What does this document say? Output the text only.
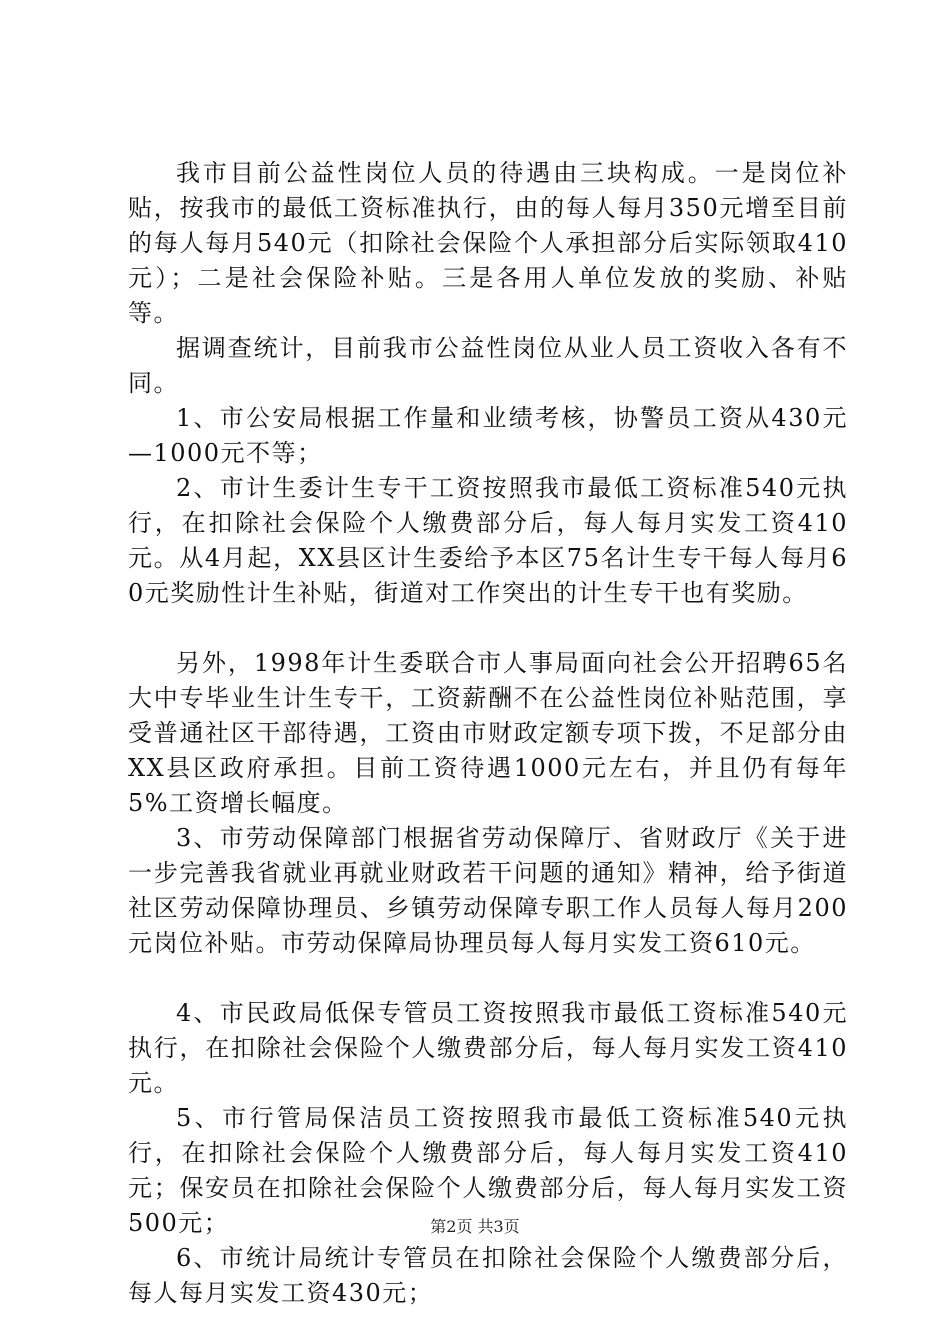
我市目前公益性岗位人员的待遇由三块构成。一是岗位补贴，按我市的最低工资标准执行，由的每人每月350元增至目前的每人每月540元（扣除社会保险个人承担部分后实际领取410元）；二是社会保险补贴。三是各用人单位发放的奖励、补贴等。

据调查统计，目前我市公益性岗位从业人员工资收入各有不同。

1、市公安局根据工作量和业绩考核，协警员工资从430元—1000元不等；

2、市计生委计生专干工资按照我市最低工资标准540元执行，在扣除社会保险个人缴费部分后，每人每月实发工资410元。从4月起，XX县区计生委给予本区75名计生专干每人每月60元奖励性计生补贴，街道对工作突出的计生专干也有奖励。

另外，1998年计生委联合市人事局面向社会公开招聘65名大中专毕业生计生专干，工资薪酬不在公益性岗位补贴范围，享受普通社区干部待遇，工资由市财政定额专项下拨，不足部分由XX县区政府承担。目前工资待遇1000元左右，并且仍有每年5%工资增长幅度。

3、市劳动保障部门根据省劳动保障厅、省财政厅《关于进一步完善我省就业再就业财政若干问题的通知》精神，给予街道社区劳动保障协理员、乡镇劳动保障专职工作人员每人每月200元岗位补贴。市劳动保障局协理员每人每月实发工资610元。

4、市民政局低保专管员工资按照我市最低工资标准540元执行，在扣除社会保险个人缴费部分后，每人每月实发工资410元。

5、市行管局保洁员工资按照我市最低工资标准540元执行，在扣除社会保险个人缴费部分后，每人每月实发工资410元；保安员在扣除社会保险个人缴费部分后，每人每月实发工资500元；

6、市统计局统计专管员在扣除社会保险个人缴费部分后，每人每月实发工资430元；

第2页 共3页
